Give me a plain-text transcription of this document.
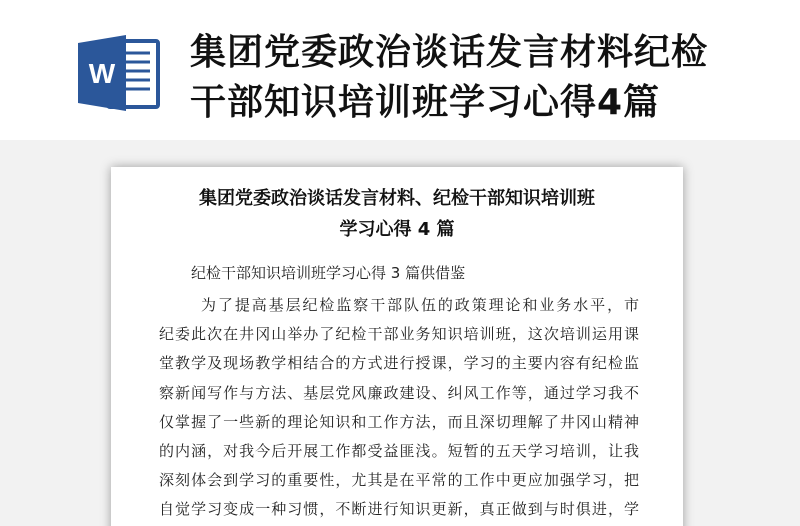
W
集团党委政治谈话发言材料纪检
干部知识培训班学习心得4篇
集团党委政治谈话发言材料、纪检干部知识培训班
学习心得 4 篇
纪检干部知识培训班学习心得 3 篇供借鉴
为了提高基层纪检监察干部队伍的政策理论和业务水平，市
纪委此次在井冈山举办了纪检干部业务知识培训班，这次培训运用课
堂教学及现场教学相结合的方式进行授课，学习的主要内容有纪检监
察新闻写作与方法、基层党风廉政建设、纠风工作等，通过学习我不
仅掌握了一些新的理论知识和工作方法，而且深切理解了井冈山精神
的内涵，对我今后开展工作都受益匪浅。短暂的五天学习培训，让我
深刻体会到学习的重要性，尤其是在平常的工作中更应加强学习，把
自觉学习变成一种习惯，不断进行知识更新，真正做到与时俱进，学
